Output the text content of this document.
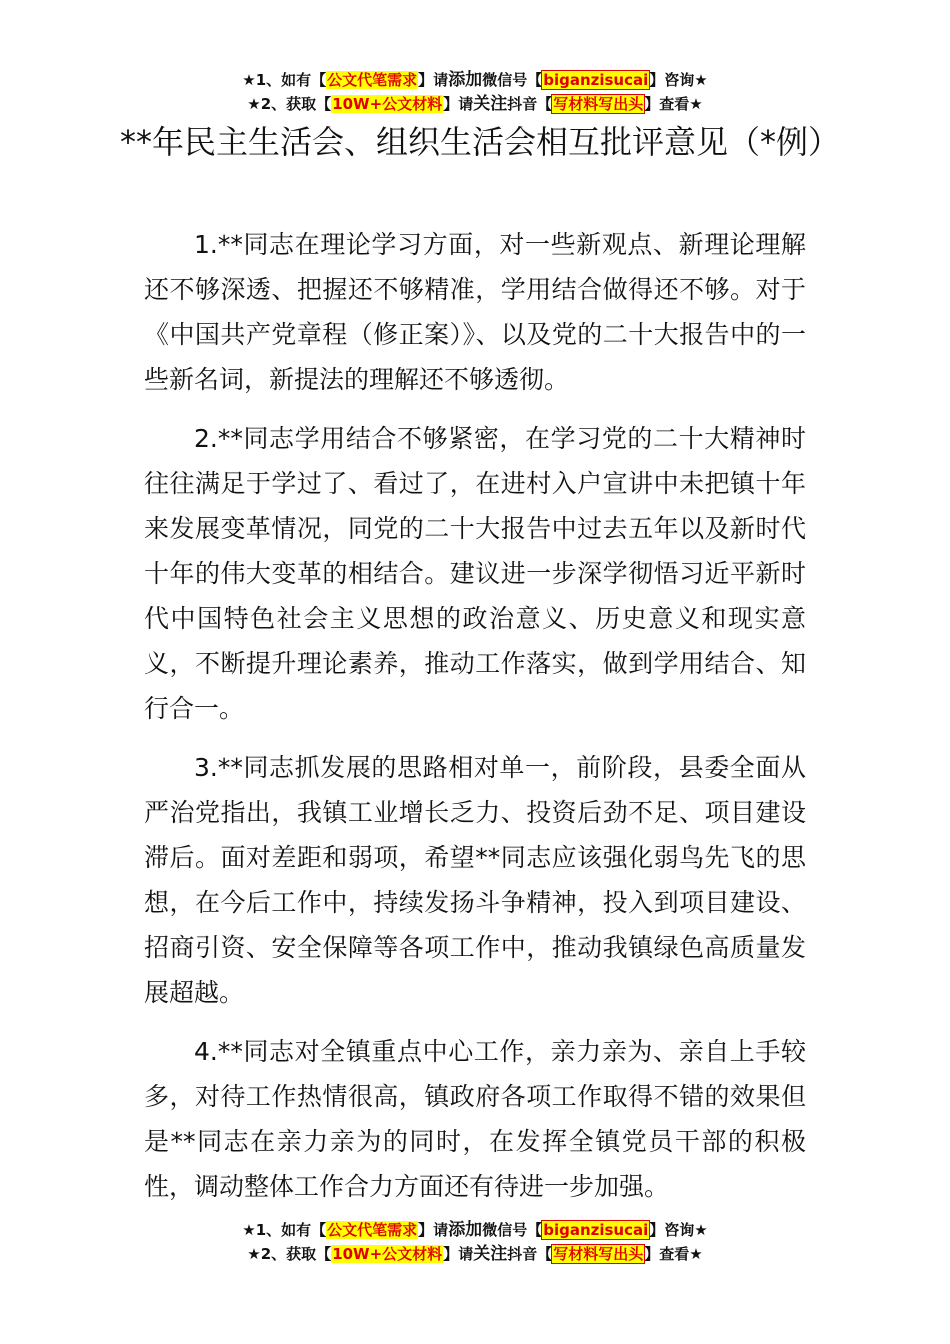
★1、如有【公文代笔需求】请添加微信号【biganzisucai】咨询★
★2、获取【10W+公文材料】请关注抖音【写材料写出头】查看★
**年民主生活会、组织生活会相互批评意见（*例）

1.**同志在理论学习方面，对一些新观点、新理论理解还不够深透、把握还不够精准，学用结合做得还不够。对于《中国共产党章程（修正案）》、以及党的二十大报告中的一些新名词，新提法的理解还不够透彻。

2.**同志学用结合不够紧密，在学习党的二十大精神时往往满足于学过了、看过了，在进村入户宣讲中未把镇十年来发展变革情况，同党的二十大报告中过去五年以及新时代十年的伟大变革的相结合。建议进一步深学彻悟习近平新时代中国特色社会主义思想的政治意义、历史意义和现实意义，不断提升理论素养，推动工作落实，做到学用结合、知行合一。

3.**同志抓发展的思路相对单一，前阶段，县委全面从严治党指出，我镇工业增长乏力、投资后劲不足、项目建设滞后。面对差距和弱项，希望**同志应该强化弱鸟先飞的思想，在今后工作中，持续发扬斗争精神，投入到项目建设、招商引资、安全保障等各项工作中，推动我镇绿色高质量发展超越。

4.**同志对全镇重点中心工作，亲力亲为、亲自上手较多，对待工作热情很高，镇政府各项工作取得不错的效果但是**同志在亲力亲为的同时，在发挥全镇党员干部的积极性，调动整体工作合力方面还有待进一步加强。

★1、如有【公文代笔需求】请添加微信号【biganzisucai】咨询★
★2、获取【10W+公文材料】请关注抖音【写材料写出头】查看★
